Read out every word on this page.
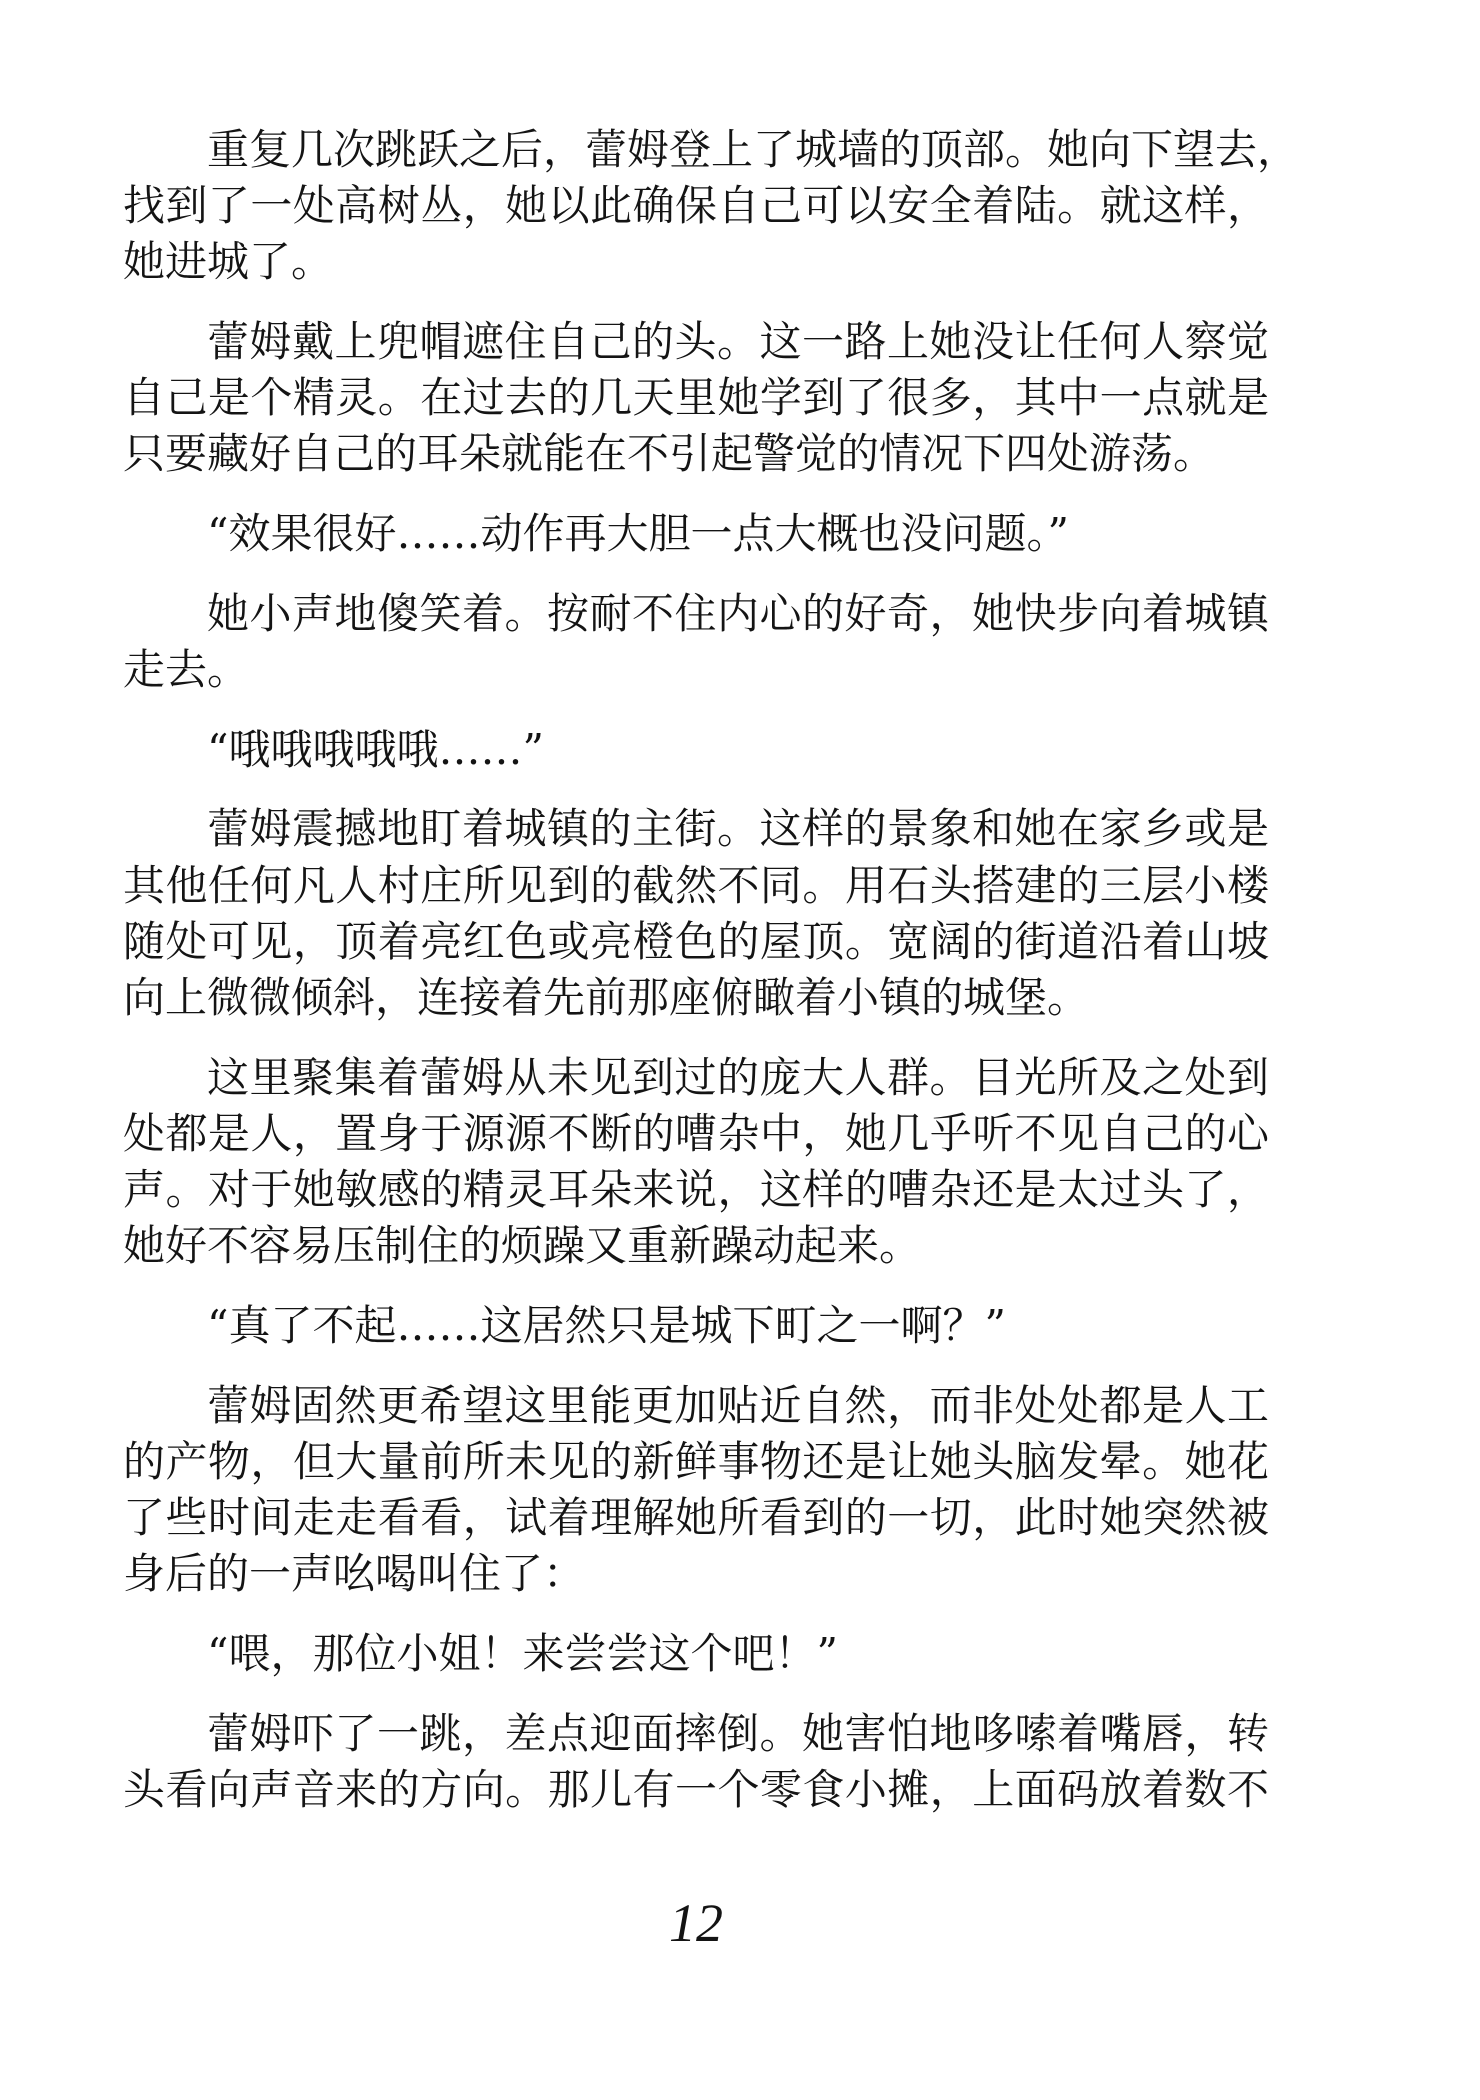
重复几次跳跃之后，蕾姆登上了城墙的顶部。她向下望去，
找到了一处高树丛，她以此确保自己可以安全着陆。就这样，
她进城了。
蕾姆戴上兜帽遮住自己的头。这一路上她没让任何人察觉
自己是个精灵。在过去的几天里她学到了很多，其中一点就是
只要藏好自己的耳朵就能在不引起警觉的情况下四处游荡。
“效果很好……动作再大胆一点大概也没问题。”
她小声地傻笑着。按耐不住内心的好奇，她快步向着城镇
走去。
“哦哦哦哦哦……”
蕾姆震撼地盯着城镇的主街。这样的景象和她在家乡或是
其他任何凡人村庄所见到的截然不同。用石头搭建的三层小楼
随处可见，顶着亮红色或亮橙色的屋顶。宽阔的街道沿着山坡
向上微微倾斜，连接着先前那座俯瞰着小镇的城堡。
这里聚集着蕾姆从未见到过的庞大人群。目光所及之处到
处都是人，置身于源源不断的嘈杂中，她几乎听不见自己的心
声。对于她敏感的精灵耳朵来说，这样的嘈杂还是太过头了，
她好不容易压制住的烦躁又重新躁动起来。
“真了不起……这居然只是城下町之一啊？”
蕾姆固然更希望这里能更加贴近自然，而非处处都是人工
的产物，但大量前所未见的新鲜事物还是让她头脑发晕。她花
了些时间走走看看，试着理解她所看到的一切，此时她突然被
身后的一声吆喝叫住了：
“喂，那位小姐！来尝尝这个吧！”
蕾姆吓了一跳，差点迎面摔倒。她害怕地哆嗦着嘴唇，转
头看向声音来的方向。那儿有一个零食小摊，上面码放着数不
12
